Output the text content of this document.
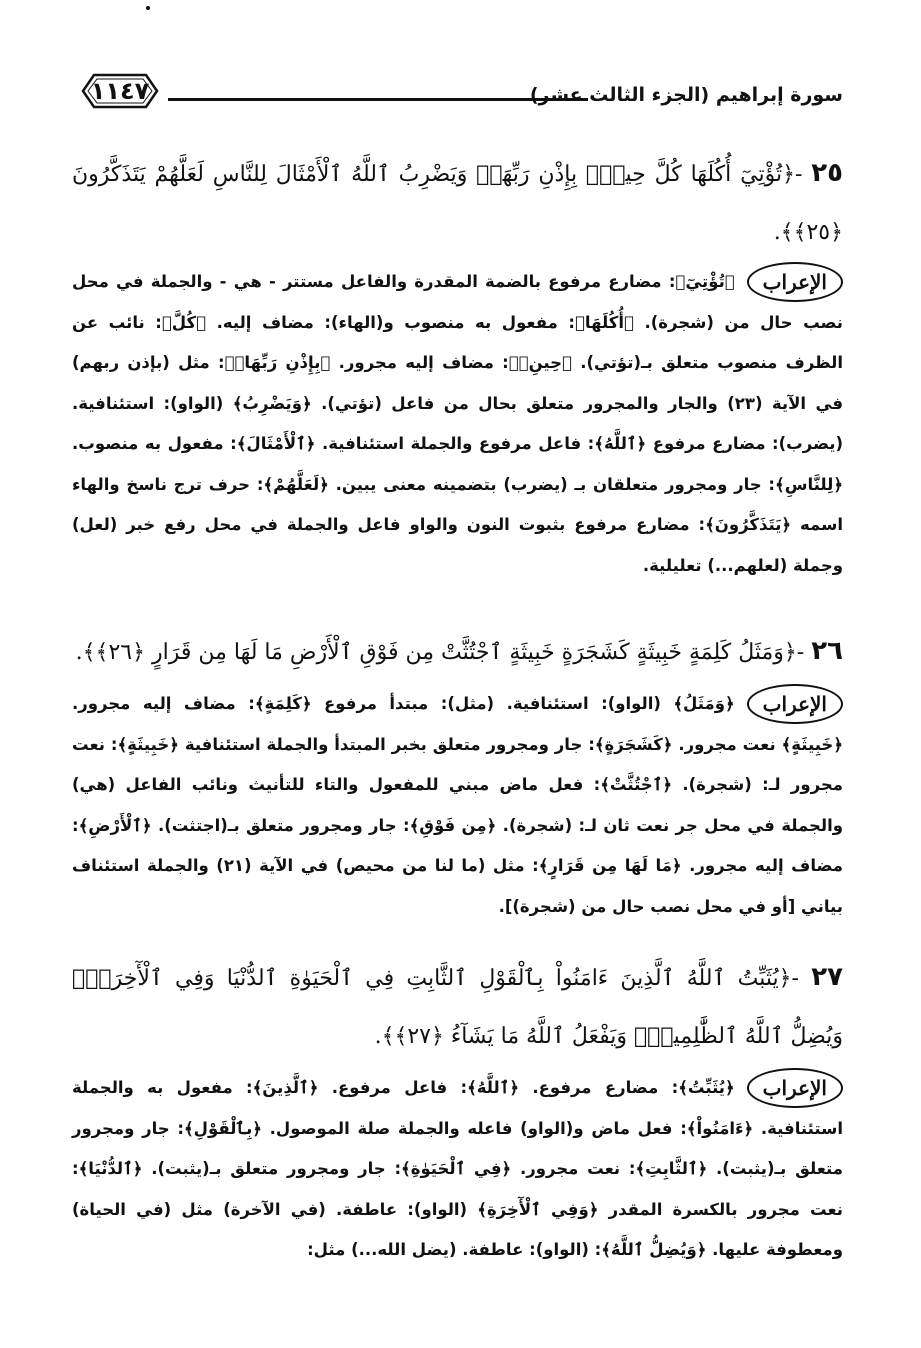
سورة إبراهيم (الجزء الثالث عشر)
١١٤٧
٢٥ -﴿تُؤْتِيٓ أُكُلَهَا كُلَّ حِينِۭ بِإِذْنِ رَبِّهَاۗ وَيَضْرِبُ ٱللَّهُ ٱلْأَمْثَالَ لِلنَّاسِ لَعَلَّهُمْ يَتَذَكَّرُونَ ﴿٢٥﴾﴾.
الإعراب
﴿تُؤْتِيٓ﴾: مضارع مرفوع بالضمة المقدرة والفاعل مستتر - هي - والجملة في محل نصب حال من (شجرة). ﴿أُكُلَهَا﴾: مفعول به منصوب و(الهاء): مضاف إليه. ﴿كُلَّ﴾: نائب عن الظرف منصوب متعلق بـ(تؤتي). ﴿حِينِۭ﴾: مضاف إليه مجرور. ﴿بِإِذْنِ رَبِّهَاۗ﴾: مثل (بإذن ربهم) في الآية (٢٣) والجار والمجرور متعلق بحال من فاعل (تؤتي). ﴿وَيَضْرِبُ﴾ (الواو): استئنافية. (يضرب): مضارع مرفوع ﴿ٱللَّهُ﴾: فاعل مرفوع والجملة استئنافية. ﴿ٱلْأَمْثَالَ﴾: مفعول به منصوب. ﴿لِلنَّاسِ﴾: جار ومجرور متعلقان بـ (يضرب) بتضمينه معنى يبين. ﴿لَعَلَّهُمْ﴾: حرف ترج ناسخ والهاء اسمه ﴿يَتَذَكَّرُونَ﴾: مضارع مرفوع بثبوت النون والواو فاعل والجملة في محل رفع خبر (لعل) وجملة (لعلهم...) تعليلية.
٢٦ -﴿وَمَثَلُ كَلِمَةٍ خَبِيثَةٍ كَشَجَرَةٍ خَبِيثَةٍ ٱجْتُثَّتْ مِن فَوْقِ ٱلْأَرْضِ مَا لَهَا مِن قَرَارٍ ﴿٢٦﴾﴾.
الإعراب
﴿وَمَثَلُ﴾ (الواو): استئنافية. (مثل): مبتدأ مرفوع ﴿كَلِمَةٍ﴾: مضاف إليه مجرور. ﴿خَبِيثَةٍ﴾ نعت مجرور. ﴿كَشَجَرَةٍ﴾: جار ومجرور متعلق بخبر المبتدأ والجملة استئنافية ﴿خَبِيثَةٍ﴾: نعت مجرور لـ: (شجرة). ﴿ٱجْتُثَّتْ﴾: فعل ماض مبني للمفعول والتاء للتأنيث ونائب الفاعل (هي) والجملة في محل جر نعت ثان لـ: (شجرة). ﴿مِن فَوْقِ﴾: جار ومجرور متعلق بـ(اجتثت). ﴿ٱلْأَرْضِ﴾: مضاف إليه مجرور. ﴿مَا لَهَا مِن قَرَارٍ﴾: مثل (ما لنا من محيص) في الآية (٢١) والجملة استئناف بياني [أو في محل نصب حال من (شجرة)].
٢٧ -﴿يُثَبِّتُ ٱللَّهُ ٱلَّذِينَ ءَامَنُواْ بِٱلْقَوْلِ ٱلثَّابِتِ فِي ٱلْحَيَوٰةِ ٱلدُّنْيَا وَفِي ٱلْأٓخِرَةِۖ وَيُضِلُّ ٱللَّهُ ٱلظَّٰلِمِينَۚ وَيَفْعَلُ ٱللَّهُ مَا يَشَآءُ ﴿٢٧﴾﴾.
الإعراب
﴿يُثَبِّتُ﴾: مضارع مرفوع. ﴿ٱللَّهُ﴾: فاعل مرفوع. ﴿ٱلَّذِينَ﴾: مفعول به والجملة استئنافية. ﴿ءَامَنُواْ﴾: فعل ماض و(الواو) فاعله والجملة صلة الموصول. ﴿بِٱلْقَوْلِ﴾: جار ومجرور متعلق بـ(يثبت). ﴿ٱلثَّابِتِ﴾: نعت مجرور. ﴿فِي ٱلْحَيَوٰةِ﴾: جار ومجرور متعلق بـ(يثبت). ﴿ٱلدُّنْيَا﴾: نعت مجرور بالكسرة المقدر ﴿وَفِي ٱلْأٓخِرَةِ﴾ (الواو): عاطفة. (في الآخرة) مثل (في الحياة) ومعطوفة عليها. ﴿وَيُضِلُّ ٱللَّهُ﴾: (الواو): عاطفة. (يضل الله...) مثل:
